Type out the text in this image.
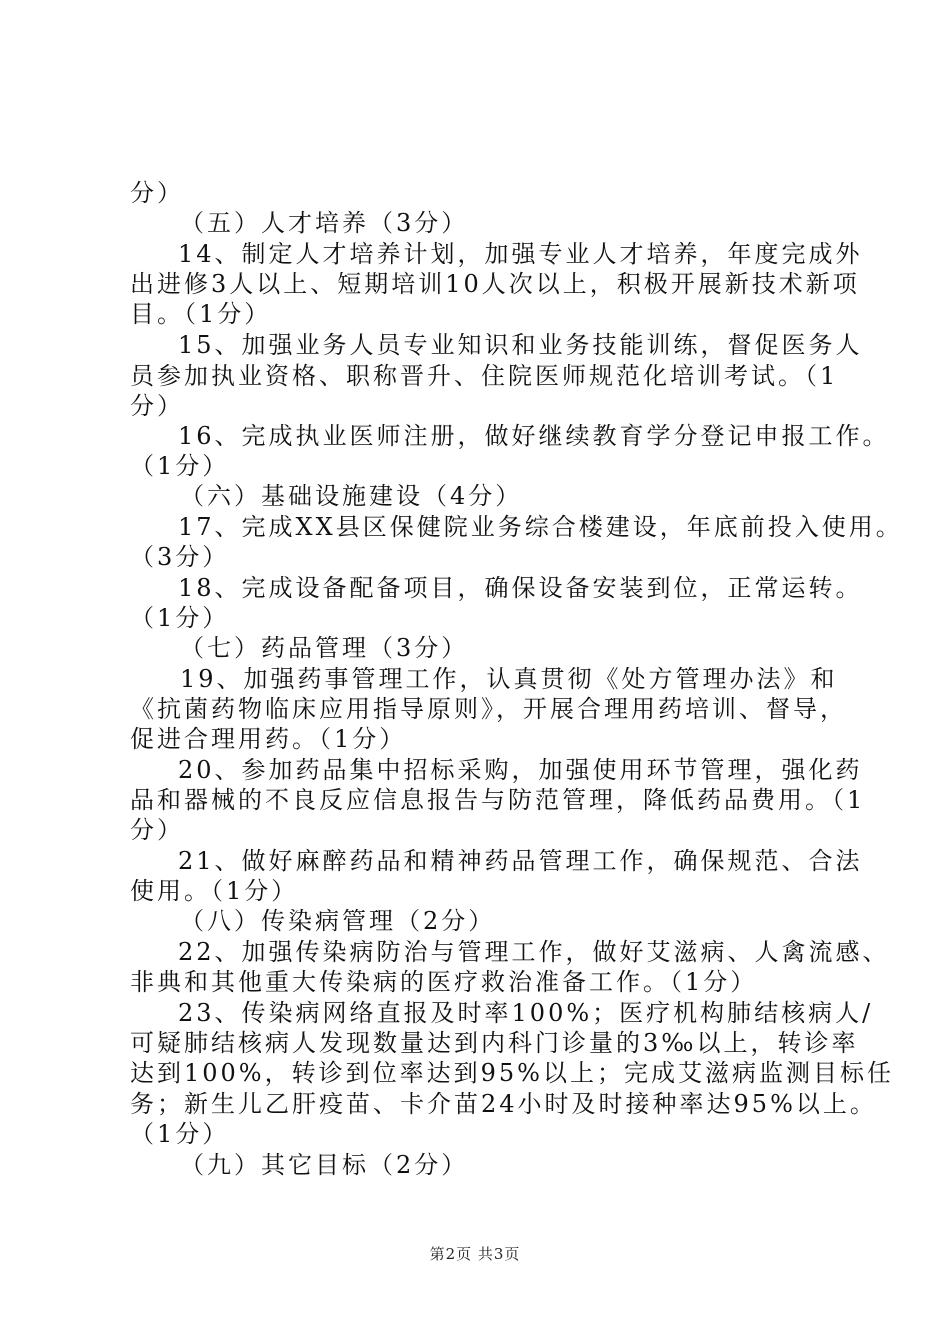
分）
（五）人才培养（3分）
14、制定人才培养计划，加强专业人才培养，年度完成外
出进修3人以上、短期培训10人次以上，积极开展新技术新项
目。（1分）
15、加强业务人员专业知识和业务技能训练，督促医务人
员参加执业资格、职称晋升、住院医师规范化培训考试。（1
分）
16、完成执业医师注册，做好继续教育学分登记申报工作。
（1分）
（六）基础设施建设（4分）
17、完成XX县区保健院业务综合楼建设，年底前投入使用。
（3分）
18、完成设备配备项目，确保设备安装到位，正常运转。
（1分）
（七）药品管理（3分）
19、加强药事管理工作，认真贯彻《处方管理办法》和
《抗菌药物临床应用指导原则》，开展合理用药培训、督导，
促进合理用药。（1分）
20、参加药品集中招标采购，加强使用环节管理，强化药
品和器械的不良反应信息报告与防范管理，降低药品费用。（1
分）
21、做好麻醉药品和精神药品管理工作，确保规范、合法
使用。（1分）
（八）传染病管理（2分）
22、加强传染病防治与管理工作，做好艾滋病、人禽流感、
非典和其他重大传染病的医疗救治准备工作。（1分）
23、传染病网络直报及时率100%；医疗机构肺结核病人/
可疑肺结核病人发现数量达到内科门诊量的3‰以上，转诊率
达到100%，转诊到位率达到95%以上；完成艾滋病监测目标任
务；新生儿乙肝疫苗、卡介苗24小时及时接种率达95%以上。
（1分）
（九）其它目标（2分）
第2页 共3页
